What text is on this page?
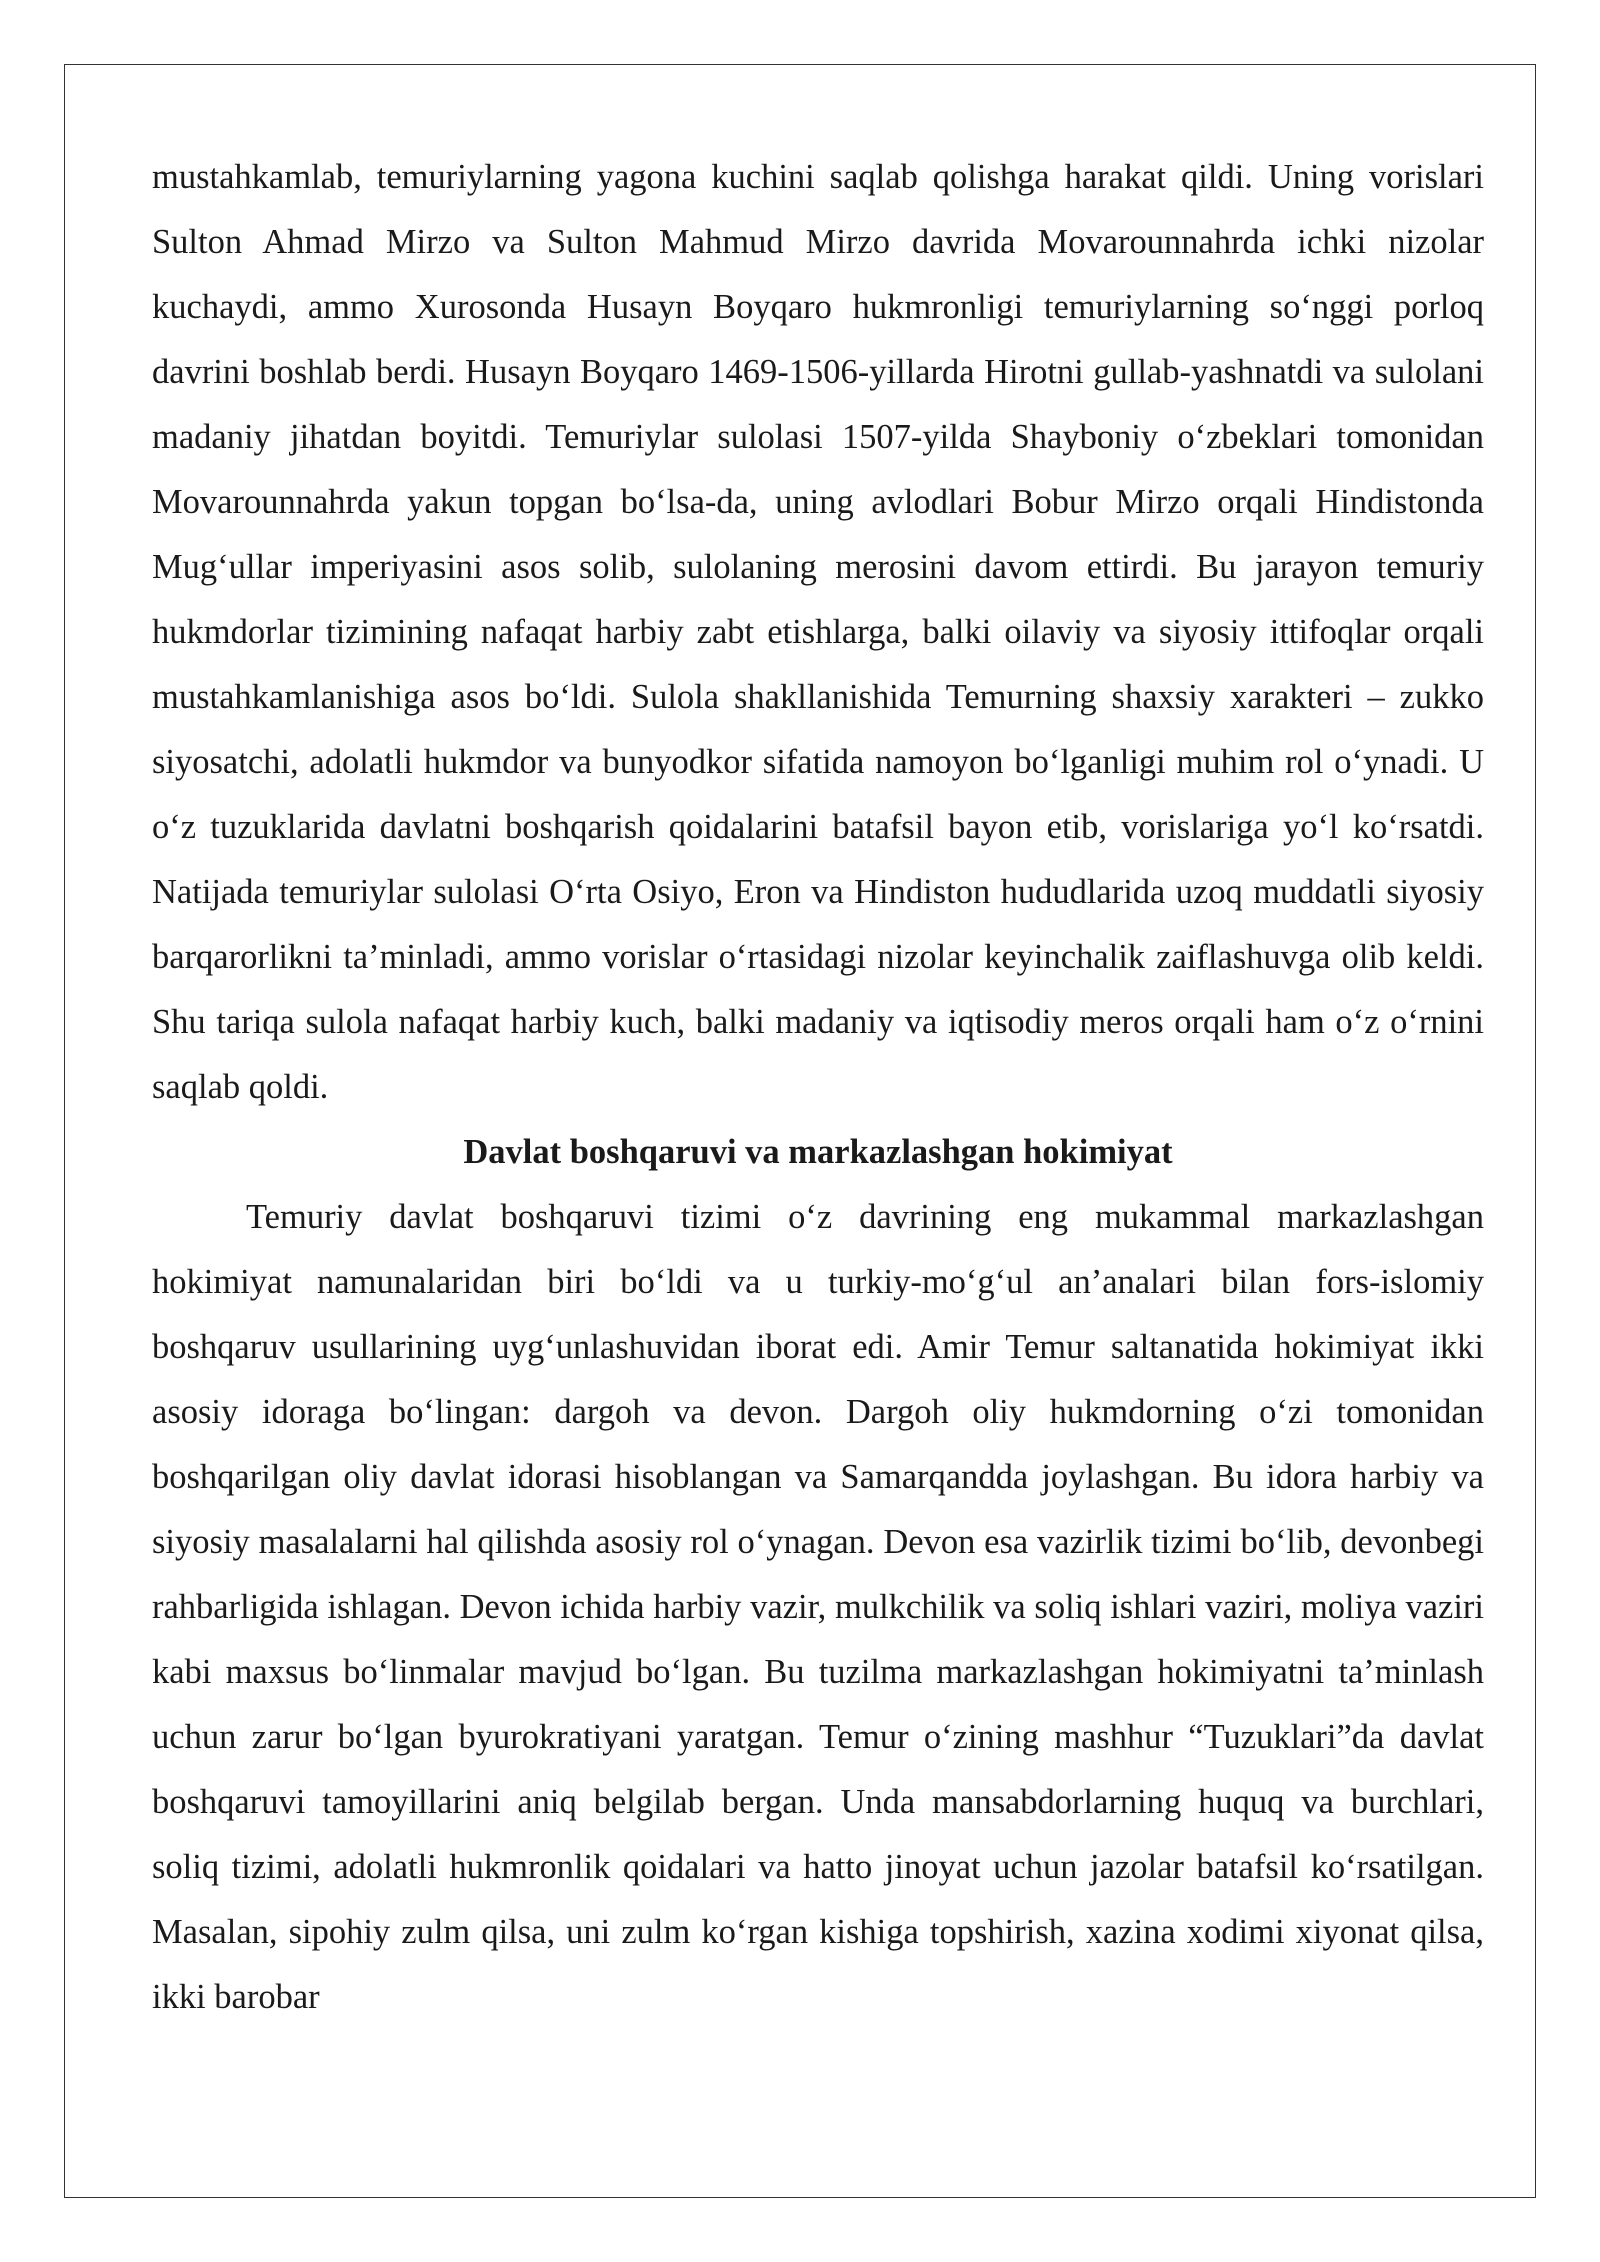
mustahkamlab, temuriylarning yagona kuchini saqlab qolishga harakat qildi. Uning vorislari Sulton Ahmad Mirzo va Sulton Mahmud Mirzo davrida Movarounnahrda ichki nizolar kuchaydi, ammo Xurosonda Husayn Boyqaro hukmronligi temuriylarning so‘nggi porloq davrini boshlab berdi. Husayn Boyqaro 1469-1506-yillarda Hirotni gullab-yashnatdi va sulolani madaniy jihatdan boyitdi. Temuriylar sulolasi 1507-yilda Shayboniy o‘zbeklari tomonidan Movarounnahrda yakun topgan bo‘lsa-da, uning avlodlari Bobur Mirzo orqali Hindistonda Mug‘ullar imperiyasini asos solib, sulolaning merosini davom ettirdi. Bu jarayon temuriy hukmdorlar tizimining nafaqat harbiy zabt etishlarga, balki oilaviy va siyosiy ittifoqlar orqali mustahkamlanishiga asos bo‘ldi. Sulola shakllanishida Temurning shaxsiy xarakteri – zukko siyosatchi, adolatli hukmdor va bunyodkor sifatida namoyon bo‘lganligi muhim rol o‘ynadi. U o‘z tuzuklarida davlatni boshqarish qoidalarini batafsil bayon etib, vorislariga yo‘l ko‘rsatdi. Natijada temuriylar sulolasi O‘rta Osiyo, Eron va Hindiston hududlarida uzoq muddatli siyosiy barqarorlikni ta’minladi, ammo vorislar o‘rtasidagi nizolar keyinchalik zaiflashuvga olib keldi. Shu tariqa sulola nafaqat harbiy kuch, balki madaniy va iqtisodiy meros orqali ham o‘z o‘rnini saqlab qoldi.

Davlat boshqaruvi va markazlashgan hokimiyat

Temuriy davlat boshqaruvi tizimi o‘z davrining eng mukammal markazlashgan hokimiyat namunalaridan biri bo‘ldi va u turkiy-mo‘g‘ul an’analari bilan fors-islomiy boshqaruv usullarining uyg‘unlashuvidan iborat edi. Amir Temur saltanatida hokimiyat ikki asosiy idoraga bo‘lingan: dargoh va devon. Dargoh oliy hukmdorning o‘zi tomonidan boshqarilgan oliy davlat idorasi hisoblangan va Samarqandda joylashgan. Bu idora harbiy va siyosiy masalalarni hal qilishda asosiy rol o‘ynagan. Devon esa vazirlik tizimi bo‘lib, devonbegi rahbarligida ishlagan. Devon ichida harbiy vazir, mulkchilik va soliq ishlari vaziri, moliya vaziri kabi maxsus bo‘linmalar mavjud bo‘lgan. Bu tuzilma markazlashgan hokimiyatni ta’minlash uchun zarur bo‘lgan byurokratiyani yaratgan. Temur o‘zining mashhur “Tuzuklari”da davlat boshqaruvi tamoyillarini aniq belgilab bergan. Unda mansabdorlarning huquq va burchlari, soliq tizimi, adolatli hukmronlik qoidalari va hatto jinoyat uchun jazolar batafsil ko‘rsatilgan. Masalan, sipohiy zulm qilsa, uni zulm ko‘rgan kishiga topshirish, xazina xodimi xiyonat qilsa, ikki barobar
